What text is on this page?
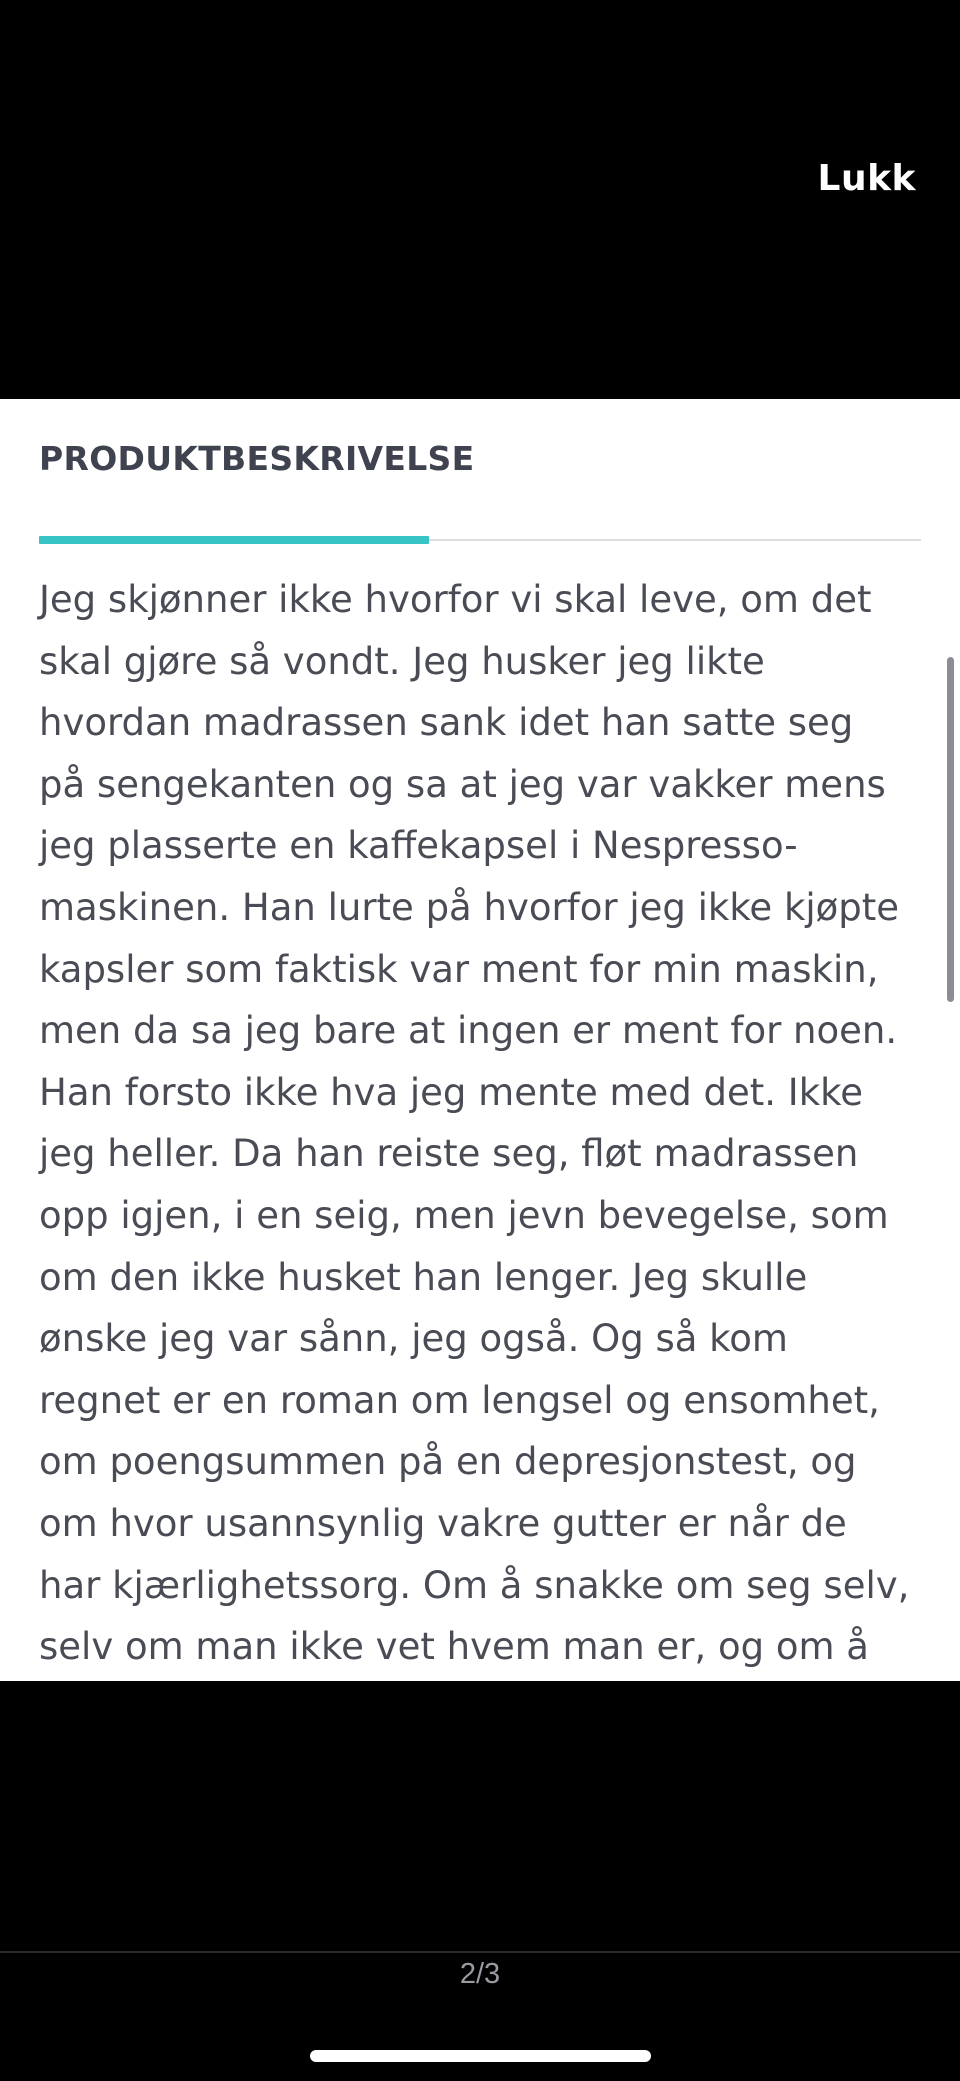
Lukk
PRODUKTBESKRIVELSE

Jeg skjønner ikke hvorfor vi skal leve, om det
skal gjøre så vondt. Jeg husker jeg likte
hvordan madrassen sank idet han satte seg
på sengekanten og sa at jeg var vakker mens
jeg plasserte en kaffekapsel i Nespresso-
maskinen. Han lurte på hvorfor jeg ikke kjøpte
kapsler som faktisk var ment for min maskin,
men da sa jeg bare at ingen er ment for noen.
Han forsto ikke hva jeg mente med det. Ikke
jeg heller. Da han reiste seg, fløt madrassen
opp igjen, i en seig, men jevn bevegelse, som
om den ikke husket han lenger. Jeg skulle
ønske jeg var sånn, jeg også. Og så kom
regnet er en roman om lengsel og ensomhet,
om poengsummen på en depresjonstest, og
om hvor usannsynlig vakre gutter er når de
har kjærlighetssorg. Om å snakke om seg selv,
selv om man ikke vet hvem man er, og om å

2/3
